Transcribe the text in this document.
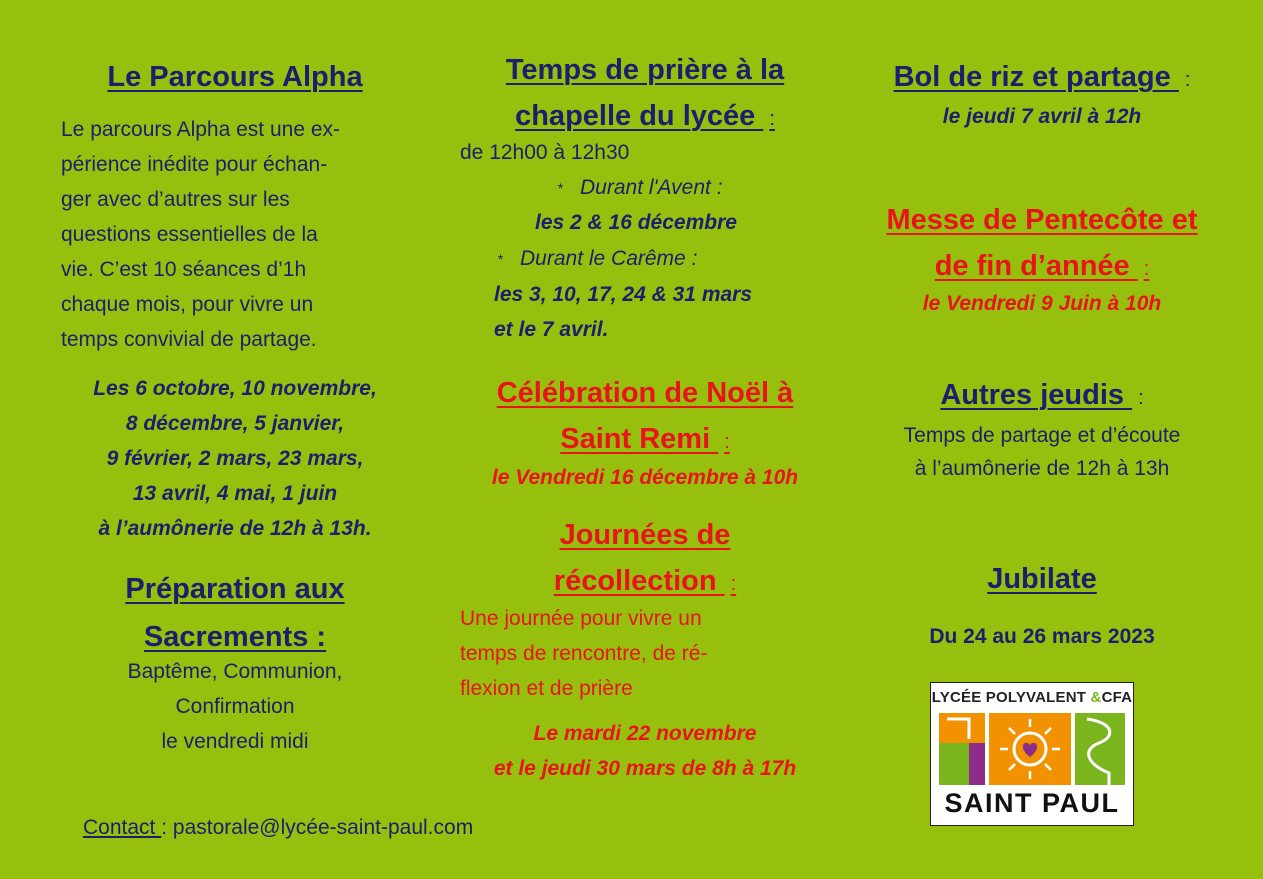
Le Parcours Alpha
Le parcours Alpha est une ex-
périence inédite pour échan-
ger avec d’autres sur les
questions essentielles de la
vie. C’est 10 séances d’1h
chaque mois, pour vivre un
temps convivial de partage.
Les 6 octobre, 10 novembre,
8 décembre, 5 janvier,
9 février, 2 mars, 23 mars,
13 avril, 4 mai, 1 juin
à l’aumônerie de 12h à 13h.
Préparation aux
Sacrements :
Baptême, Communion,
Confirmation
le vendredi midi
Contact : pastorale@lycée-saint-paul.com
Temps de prière à la
chapelle du lycée :
de 12h00 à 12h30
* Durant l'Avent :
les 2 & 16 décembre
* Durant le Carême :
les 3, 10, 17, 24 & 31 mars
et le 7 avril.
Célébration de Noël à
Saint Remi :
le Vendredi 16 décembre à 10h
Journées de
récollection :
Une journée pour vivre un
temps de rencontre, de ré-
flexion et de prière
Le mardi 22 novembre
et le jeudi 30 mars de 8h à 17h
Bol de riz et partage :
le jeudi 7 avril à 12h
Messe de Pentecôte et
de fin d’année :
le Vendredi 9 Juin à 10h
Autres jeudis :
Temps de partage et d’écoute
à l’aumônerie de 12h à 13h
Jubilate
Du 24 au 26 mars 2023
LYCÉE POLYVALENT &CFA
SAINT PAUL
